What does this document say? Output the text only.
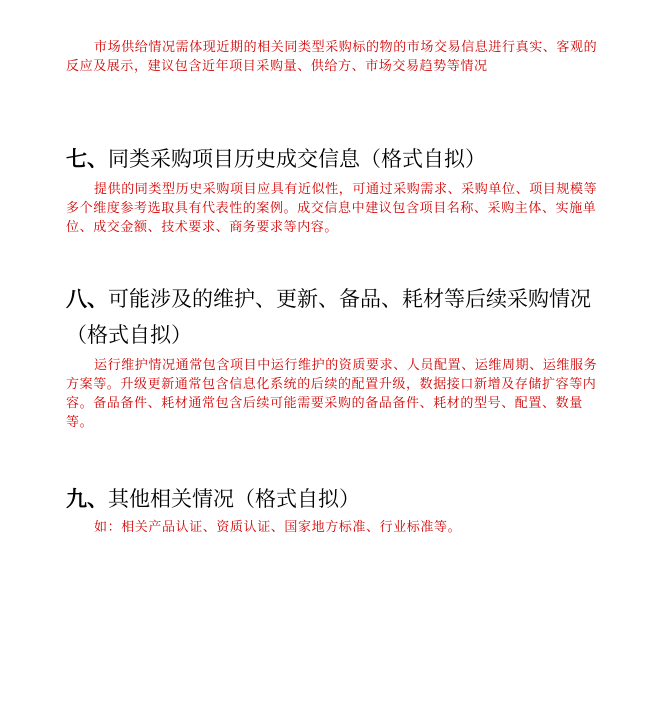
市场供给情况需体现近期的相关同类型采购标的物的市场交易信息进行真实、客观的反应及展示，建议包含近年项目采购量、供给方、市场交易趋势等情况

七、同类采购项目历史成交信息（格式自拟）

提供的同类型历史采购项目应具有近似性，可通过采购需求、采购单位、项目规模等多个维度参考选取具有代表性的案例。成交信息中建议包含项目名称、采购主体、实施单位、成交金额、技术要求、商务要求等内容。

八、可能涉及的维护、更新、备品、耗材等后续采购情况（格式自拟）

运行维护情况通常包含项目中运行维护的资质要求、人员配置、运维周期、运维服务方案等。升级更新通常包含信息化系统的后续的配置升级，数据接口新增及存储扩容等内容。备品备件、耗材通常包含后续可能需要采购的备品备件、耗材的型号、配置、数量等。

九、其他相关情况（格式自拟）

如：相关产品认证、资质认证、国家地方标准、行业标准等。
